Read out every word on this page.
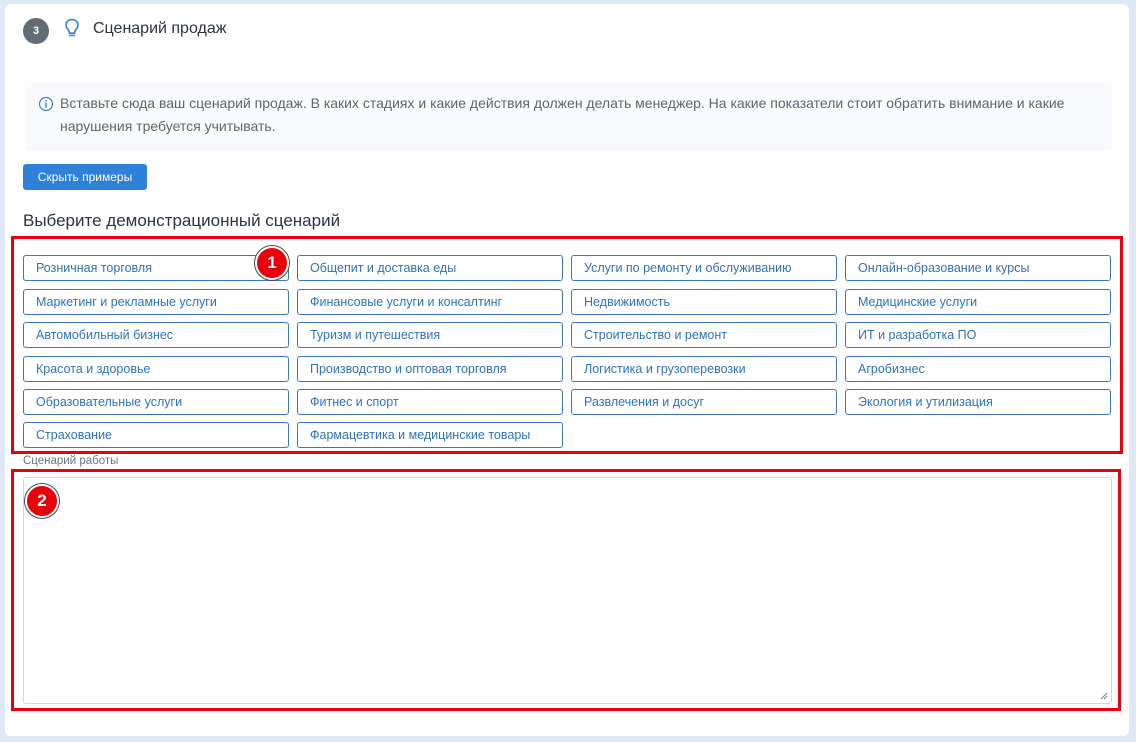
3	Сценарий продаж
Вставьте сюда ваш сценарий продаж. В каких стадиях и какие действия должен делать менеджер. На какие показатели стоит обратить внимание и какие нарушения требуется учитывать.
Скрыть примеры
Выберите демонстрационный сценарий
Розничная торговля	Общепит и доставка еды	Услуги по ремонту и обслуживанию	Онлайн-образование и курсы
Маркетинг и рекламные услуги	Финансовые услуги и консалтинг	Недвижимость	Медицинские услуги
Автомобильный бизнес	Туризм и путешествия	Строительство и ремонт	ИТ и разработка ПО
Красота и здоровье	Производство и оптовая торговля	Логистика и грузоперевозки	Агробизнес
Образовательные услуги	Фитнес и спорт	Развлечения и досуг	Экология и утилизация
Страхование	Фармацевтика и медицинские товары
Сценарий работы
1
2
